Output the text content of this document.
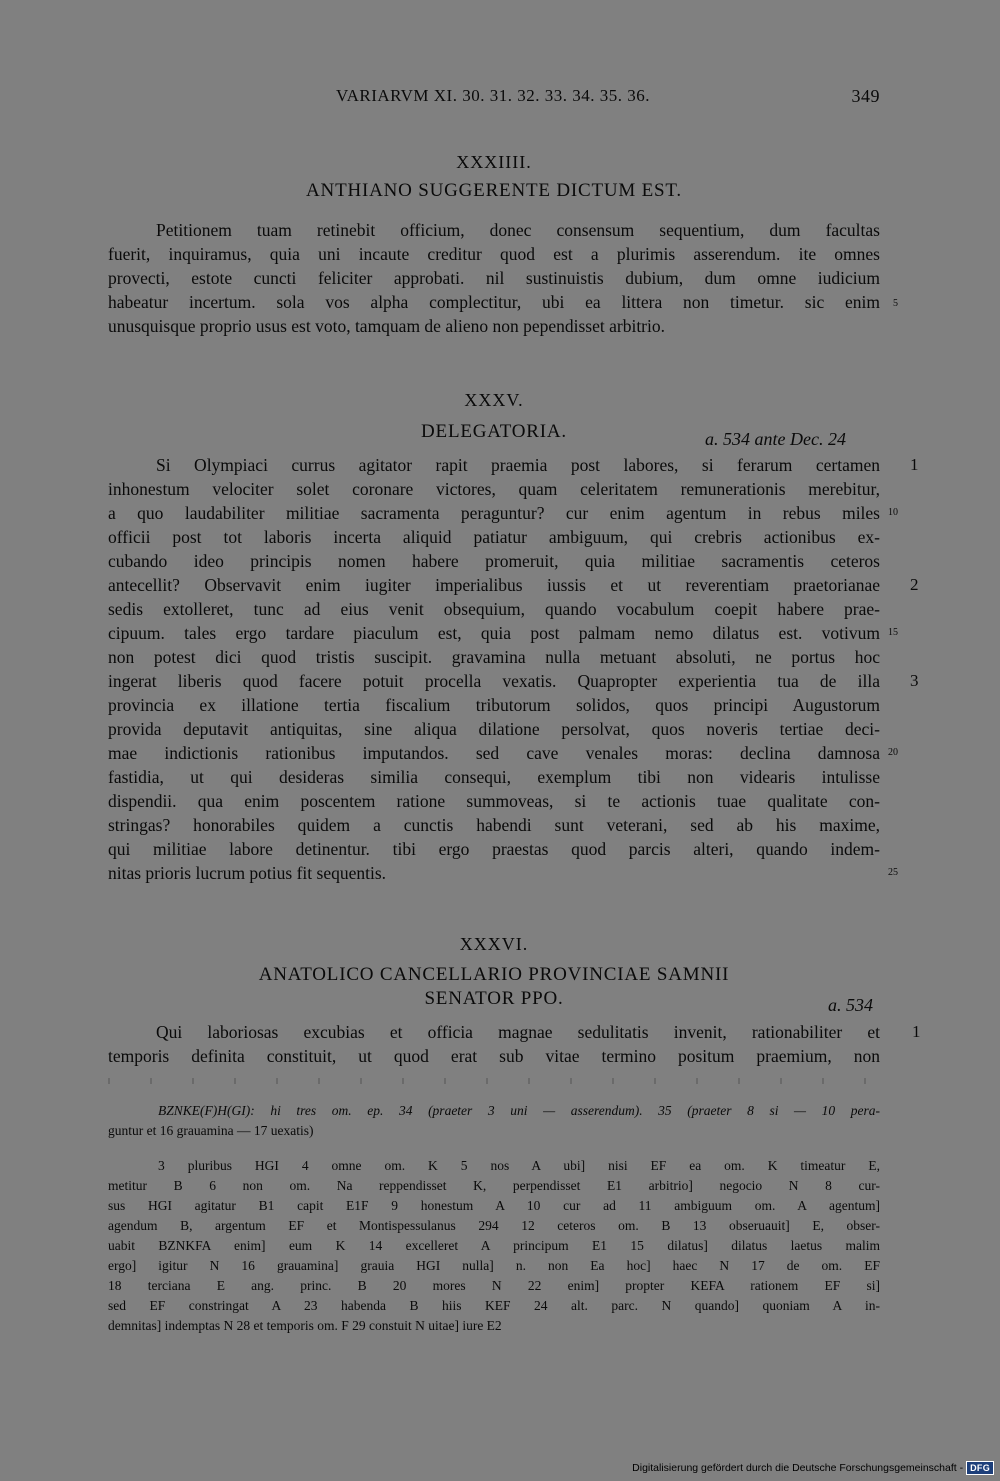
VARIARVM XI. 30. 31. 32. 33. 34. 35. 36.	349
XXXIIII.
ANTHIANO SUGGERENTE DICTUM EST.
Petitionem tuam retinebit officium, donec consensum sequentium, dum facultas
fuerit, inquiramus, quia uni incaute creditur quod est a plurimis asserendum. ite omnes
provecti, estote cuncti feliciter approbati. nil sustinuistis dubium, dum omne iudicium
habeatur incertum. sola vos alpha complectitur, ubi ea littera non timetur. sic enim
unusquisque proprio usus est voto, tamquam de alieno non pependisset arbitrio.
5
XXXV.
DELEGATORIA.	a. 534 ante Dec. 24
Si Olympiaci currus agitator rapit praemia post labores, si ferarum certamen
inhonestum velociter solet coronare victores, quam celeritatem remunerationis merebitur,
a quo laudabiliter militiae sacramenta peraguntur? cur enim agentum in rebus miles
officii post tot laboris incerta aliquid patiatur ambiguum, qui crebris actionibus ex-
cubando ideo principis nomen habere promeruit, quia militiae sacramentis ceteros
antecellit? Observavit enim iugiter imperialibus iussis et ut reverentiam praetorianae
sedis extolleret, tunc ad eius venit obsequium, quando vocabulum coepit habere prae-
cipuum. tales ergo tardare piaculum est, quia post palmam nemo dilatus est. votivum
non potest dici quod tristis suscipit. gravamina nulla metuant absoluti, ne portus hoc
ingerat liberis quod facere potuit procella vexatis. Quapropter experientia tua de illa
provincia ex illatione tertia fiscalium tributorum solidos, quos principi Augustorum
provida deputavit antiquitas, sine aliqua dilatione persolvat, quos noveris tertiae deci-
mae indictionis rationibus imputandos. sed cave venales moras: declina damnosa
fastidia, ut qui desideras similia consequi, exemplum tibi non videaris intulisse
dispendii. qua enim poscentem ratione summoveas, si te actionis tuae qualitate con-
stringas? honorabiles quidem a cunctis habendi sunt veterani, sed ab his maxime,
qui militiae labore detinentur. tibi ergo praestas quod parcis alteri, quando indem-
nitas prioris lucrum potius fit sequentis.
1
10
2
15
3
20
25
XXXVI.
ANATOLICO CANCELLARIO PROVINCIAE SAMNII
SENATOR PPO.	a. 534
Qui laboriosas excubias et officia magnae sedulitatis invenit, rationabiliter et
temporis definita constituit, ut quod erat sub vitae termino positum praemium, non
1
BZNKE(F)H(GI): hi tres om. ep. 34 (praeter 3 uni — asserendum). 35 (praeter 8 si — 10 pera-
guntur et 16 grauamina — 17 uexatis)
3 pluribus HGI 4 omne om. K 5 nos A ubi] nisi EF ea om. K timeatur E,
metitur B 6 non om. Na reppendisset K, perpendisset E1 arbitrio] negocio N 8 cur-
sus HGI agitatur B1 capit E1F 9 honestum A 10 cur ad 11 ambiguum om. A agentum]
agendum B, argentum EF et Montispessulanus 294 12 ceteros om. B 13 obseruauit] E, obser-
uabit BZNKFA enim] eum K 14 excelleret A principum E1 15 dilatus] dilatus laetus malim
ergo] igitur N 16 grauamina] grauia HGI nulla] n. non Ea hoc] haec N 17 de om. EF
18 terciana E ang. princ. B 20 mores N 22 enim] propter KEFA rationem EF si]
sed EF constringat A 23 habenda B hiis KEF 24 alt. parc. N quando] quoniam A in-
demnitas] indemptas N 28 et temporis om. F 29 constuit N uitae] iure E2
Digitalisierung gefördert durch die Deutsche Forschungsgemeinschaft - DFG
